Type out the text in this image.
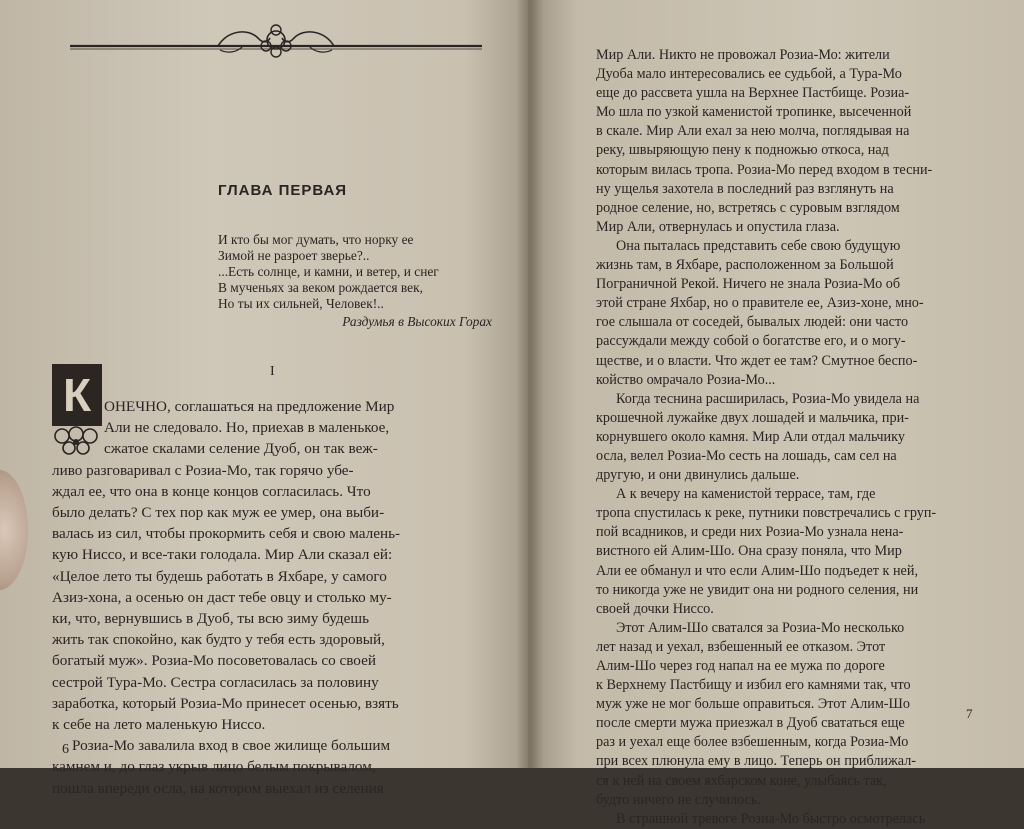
ГЛАВА ПЕРВАЯ
И кто бы мог думать, что норку ее
Зимой не разроет зверье?..
...Есть солнце, и камни, и ветер, и снег
В мученьях за веком рождается век,
Но ты их сильней, Человек!..
Раздумья в Высоких Горах
I
К ОНЕЧНО, соглашаться на предложение Мир
Али не следовало. Но, приехав в маленькое,
сжатое скалами селение Дуоб, он так веж-
ливо разговаривал с Розиа-Мо, так горячо убе-
ждал ее, что она в конце концов согласилась. Что
было делать? С тех пор как муж ее умер, она выби-
валась из сил, чтобы прокормить себя и свою малень-
кую Ниссо, и все-таки голодала. Мир Али сказал ей:
«Целое лето ты будешь работать в Яхбаре, у самого
Азиз-хона, а осенью он даст тебе овцу и столько му-
ки, что, вернувшись в Дуоб, ты всю зиму будешь
жить так спокойно, как будто у тебя есть здоровый,
богатый муж». Розиа-Мо посоветовалась со своей
сестрой Тура-Мо. Сестра согласилась за половину
заработка, который Розиа-Мо принесет осенью, взять
к себе на лето маленькую Ниссо.
Розиа-Мо завалила вход в свое жилище большим
камнем и, до глаз укрыв лицо белым покрывалом,
пошла впереди осла, на котором выехал из селения
6
7
Мир Али. Никто не провожал Розиа-Мо: жители
Дуоба мало интересовались ее судьбой, а Тура-Мо
еще до рассвета ушла на Верхнее Пастбище. Розиа-
Мо шла по узкой каменистой тропинке, высеченной
в скале. Мир Али ехал за нею молча, поглядывая на
реку, швыряющую пену к подножью откоса, над
которым вилась тропа. Розиа-Мо перед входом в тесни-
ну ущелья захотела в последний раз взглянуть на
родное селение, но, встретясь с суровым взглядом
Мир Али, отвернулась и опустила глаза.
Она пыталась представить себе свою будущую
жизнь там, в Яхбаре, расположенном за Большой
Пограничной Рекой. Ничего не знала Розиа-Мо об
этой стране Яхбар, но о правителе ее, Азиз-хоне, мно-
гое слышала от соседей, бывалых людей: они часто
рассуждали между собой о богатстве его, и о могу-
ществе, и о власти. Что ждет ее там? Смутное беспо-
койство омрачало Розиа-Мо...
Когда теснина расширилась, Розиа-Мо увидела на
крошечной лужайке двух лошадей и мальчика, при-
корнувшего около камня. Мир Али отдал мальчику
осла, велел Розиа-Мо сесть на лошадь, сам сел на
другую, и они двинулись дальше.
А к вечеру на каменистой террасе, там, где
тропа спустилась к реке, путники повстречались с груп-
пой всадников, и среди них Розиа-Мо узнала нена-
вистного ей Алим-Шо. Она сразу поняла, что Мир
Али ее обманул и что если Алим-Шо подъедет к ней,
то никогда уже не увидит она ни родного селения, ни
своей дочки Ниссо.
Этот Алим-Шо сватался за Розиа-Мо несколько
лет назад и уехал, взбешенный ее отказом. Этот
Алим-Шо через год напал на ее мужа по дороге
к Верхнему Пастбищу и избил его камнями так, что
муж уже не мог больше оправиться. Этот Алим-Шо
после смерти мужа приезжал в Дуоб свататься еще
раз и уехал еще более взбешенным, когда Розиа-Мо
при всех плюнула ему в лицо. Теперь он приближал-
ся к ней на своем яхбарском коне, улыбаясь так,
будто ничего не случилось.
В страшной тревоге Розиа-Мо быстро осмотрелась
